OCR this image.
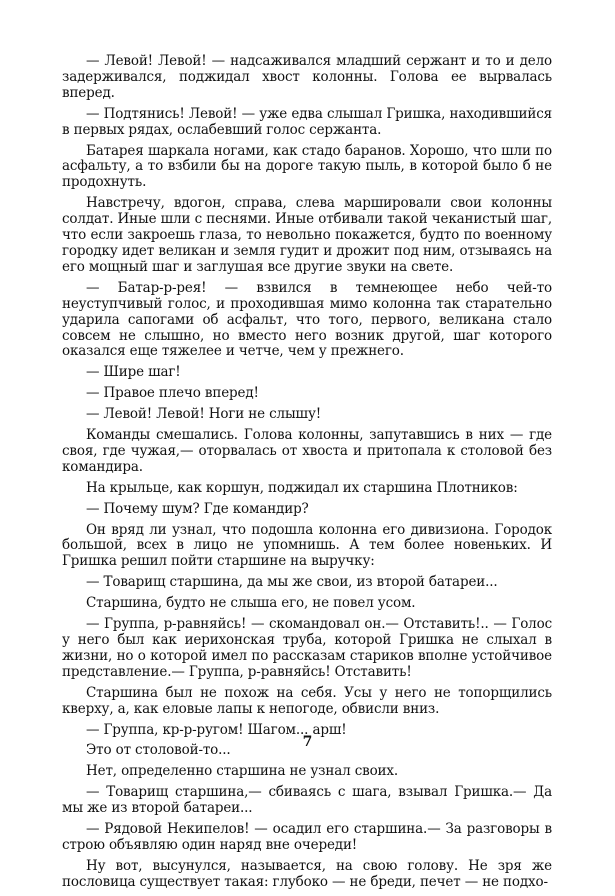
— Левой! Левой! — надсаживался младший сержант и то и дело задерживался, поджидал хвост колонны. Голова ее вырвалась вперед.

— Подтянись! Левой! — уже едва слышал Гришка, находившийся в первых рядах, ослабевший голос сержанта.

Батарея шаркала ногами, как стадо баранов. Хорошо, что шли по асфальту, а то взбили бы на дороге такую пыль, в которой было б не продохнуть.

Навстречу, вдогон, справа, слева маршировали свои колонны солдат. Иные шли с песнями. Иные отбивали такой чеканистый шаг, что если закроешь глаза, то невольно покажется, будто по военному городку идет великан и земля гудит и дрожит под ним, отзываясь на его мощный шаг и заглушая все другие звуки на свете.

— Батар-р-рея! — взвился в темнеющее небо чей-то неуступчивый голос, и проходившая мимо колонна так старательно ударила сапогами об асфальт, что того, первого, великана стало совсем не слышно, но вместо него возник другой, шаг которого оказался еще тяжелее и четче, чем у прежнего.

— Шире шаг!

— Правое плечо вперед!

— Левой! Левой! Ноги не слышу!

Команды смешались. Голова колонны, запутавшись в них — где своя, где чужая,— оторвалась от хвоста и притопала к столовой без командира.

На крыльце, как коршун, поджидал их старшина Плотников:

— Почему шум? Где командир?

Он вряд ли узнал, что подошла колонна его дивизиона. Городок большой, всех в лицо не упомнишь. А тем более новеньких. И Гришка решил пойти старшине на выручку:

— Товарищ старшина, да мы же свои, из второй батареи...

Старшина, будто не слыша его, не повел усом.

— Группа, р-равняйсь! — скомандовал он.— Отставить!.. — Голос у него был как иерихонская труба, которой Гришка не слыхал в жизни, но о которой имел по рассказам стариков вполне устойчивое представление.— Группа, р-равняйсь! Отставить!

Старшина был не похож на себя. Усы у него не топорщились кверху, а, как еловые лапы к непогоде, обвисли вниз.

— Группа, кр-р-ругом! Шагом... арш!

Это от столовой-то...

Нет, определенно старшина не узнал своих.

— Товарищ старшина,— сбиваясь с шага, взывал Гришка.— Да мы же из второй батареи...

— Рядовой Некипелов! — осадил его старшина.— За разговоры в строю объявляю один наряд вне очереди!

Ну вот, высунулся, называется, на свою голову. Не зря же пословица существует такая: глубоко — не бреди, печет — не подхо-

7
